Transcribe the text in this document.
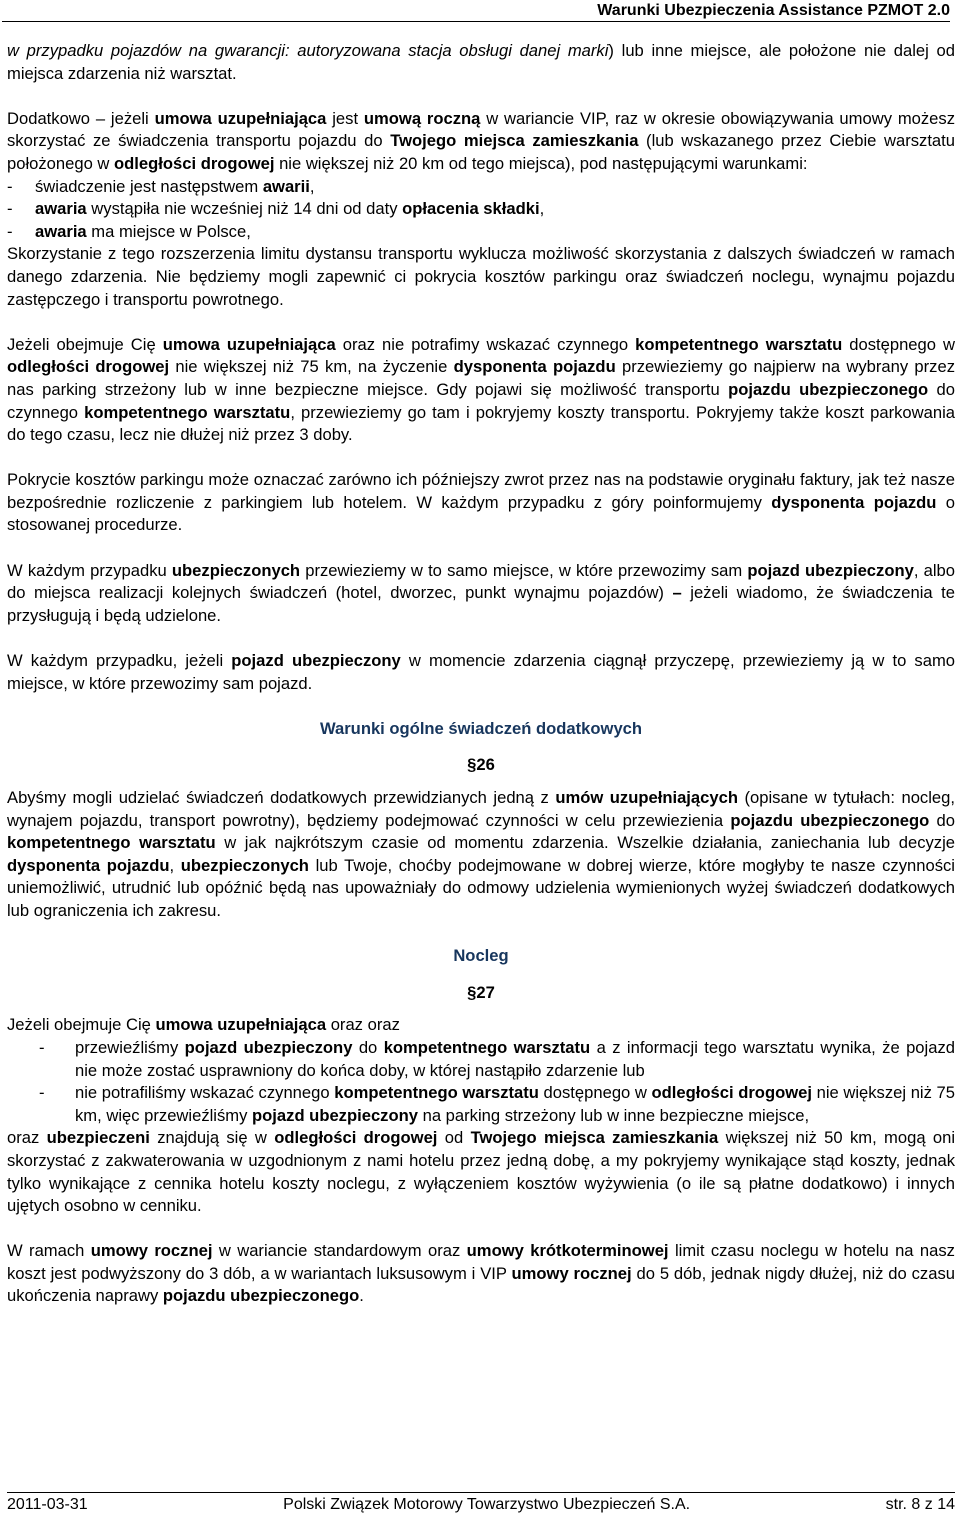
Warunki Ubezpieczenia Assistance PZMOT 2.0

w przypadku pojazdów na gwarancji: autoryzowana stacja obsługi danej marki) lub inne miejsce, ale położone nie dalej od miejsca zdarzenia niż warsztat.

Dodatkowo – jeżeli umowa uzupełniająca jest umową roczną w wariancie VIP, raz w okresie obowiązywania umowy możesz skorzystać ze świadczenia transportu pojazdu do Twojego miejsca zamieszkania (lub wskazanego przez Ciebie warsztatu położonego w odległości drogowej nie większej niż 20 km od tego miejsca), pod następującymi warunkami:

-	świadczenie jest następstwem awarii,
-	awaria wystąpiła nie wcześniej niż 14 dni od daty opłacenia składki,
-	awaria ma miejsce w Polsce,

Skorzystanie z tego rozszerzenia limitu dystansu transportu wyklucza możliwość skorzystania z dalszych świadczeń w ramach danego zdarzenia. Nie będziemy mogli zapewnić ci pokrycia kosztów parkingu oraz świadczeń noclegu, wynajmu pojazdu zastępczego i transportu powrotnego.

Jeżeli obejmuje Cię umowa uzupełniająca oraz nie potrafimy wskazać czynnego kompetentnego warsztatu dostępnego w odległości drogowej nie większej niż 75 km, na życzenie dysponenta pojazdu przewieziemy go najpierw na wybrany przez nas parking strzeżony lub w inne bezpieczne miejsce. Gdy pojawi się możliwość transportu pojazdu ubezpieczonego do czynnego kompetentnego warsztatu, przewieziemy go tam i pokryjemy koszty transportu. Pokryjemy także koszt parkowania do tego czasu, lecz nie dłużej niż przez 3 doby.

Pokrycie kosztów parkingu może oznaczać zarówno ich późniejszy zwrot przez nas na podstawie oryginału faktury, jak też nasze bezpośrednie rozliczenie z parkingiem lub hotelem. W każdym przypadku z góry poinformujemy dysponenta pojazdu o stosowanej procedurze.

W każdym przypadku ubezpieczonych przewieziemy w to samo miejsce, w które przewozimy sam pojazd ubezpieczony, albo do miejsca realizacji kolejnych świadczeń (hotel, dworzec, punkt wynajmu pojazdów) – jeżeli wiadomo, że świadczenia te przysługują i będą udzielone.

W każdym przypadku, jeżeli pojazd ubezpieczony w momencie zdarzenia ciągnął przyczepę, przewieziemy ją w to samo miejsce, w które przewozimy sam pojazd.

Warunki ogólne świadczeń dodatkowych
§26

Abyśmy mogli udzielać świadczeń dodatkowych przewidzianych jedną z umów uzupełniających (opisane w tytułach: nocleg, wynajem pojazdu, transport powrotny), będziemy podejmować czynności w celu przewiezienia pojazdu ubezpieczonego do kompetentnego warsztatu w jak najkrótszym czasie od momentu zdarzenia. Wszelkie działania, zaniechania lub decyzje dysponenta pojazdu, ubezpieczonych lub Twoje, choćby podejmowane w dobrej wierze, które mogłyby te nasze czynności uniemożliwić, utrudnić lub opóźnić będą nas upoważniały do odmowy udzielenia wymienionych wyżej świadczeń dodatkowych lub ograniczenia ich zakresu.

Nocleg
§27

Jeżeli obejmuje Cię umowa uzupełniająca oraz oraz

-	przewieźliśmy pojazd ubezpieczony do kompetentnego warsztatu a z informacji tego warsztatu wynika, że pojazd nie może zostać usprawniony do końca doby, w której nastąpiło zdarzenie lub
-	nie potrafiliśmy wskazać czynnego kompetentnego warsztatu dostępnego w odległości drogowej nie większej niż 75 km, więc przewieźliśmy pojazd ubezpieczony na parking strzeżony lub w inne bezpieczne miejsce,

oraz ubezpieczeni znajdują się w odległości drogowej od Twojego miejsca zamieszkania większej niż 50 km, mogą oni skorzystać z zakwaterowania w uzgodnionym z nami hotelu przez jedną dobę, a my pokryjemy wynikające stąd koszty, jednak tylko wynikające z cennika hotelu koszty noclegu, z wyłączeniem kosztów wyżywienia (o ile są płatne dodatkowo) i innych ujętych osobno w cenniku.

W ramach umowy rocznej w wariancie standardowym oraz umowy krótkoterminowej limit czasu noclegu w hotelu na nasz koszt jest podwyższony do 3 dób, a w wariantach luksusowym i VIP umowy rocznej do 5 dób, jednak nigdy dłużej, niż do czasu ukończenia naprawy pojazdu ubezpieczonego.

2011-03-31	Polski Związek Motorowy Towarzystwo Ubezpieczeń S.A.	str. 8 z 14
